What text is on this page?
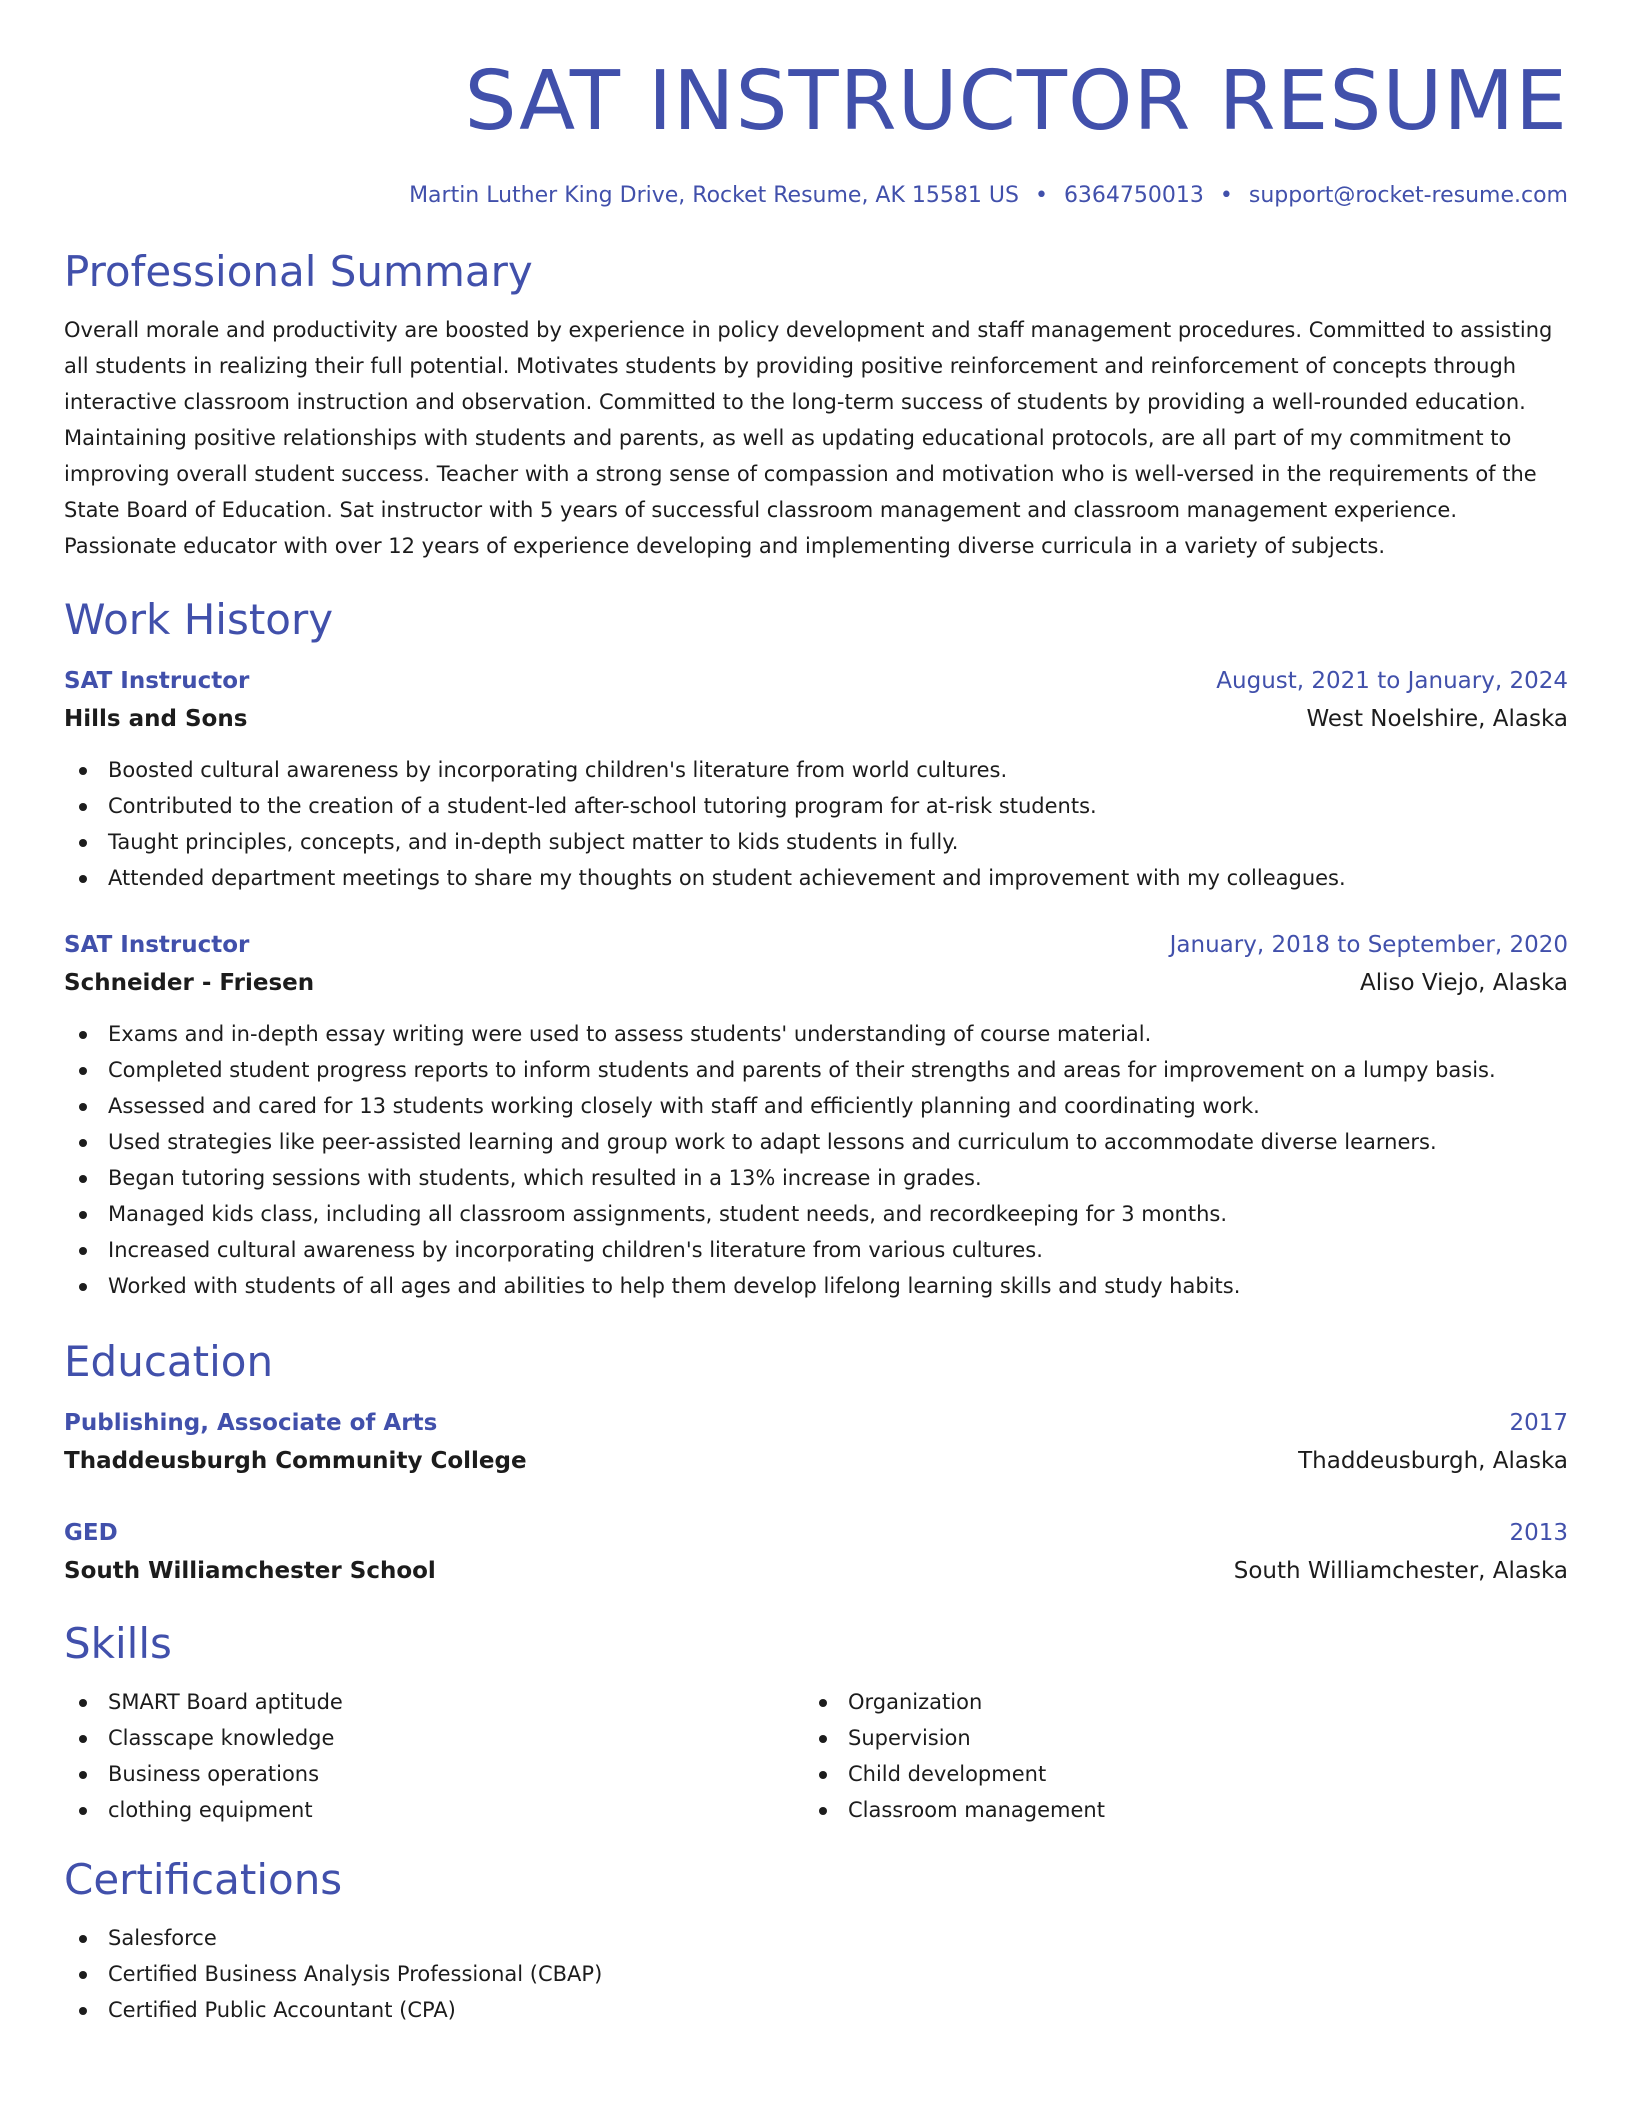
SAT INSTRUCTOR RESUME
Martin Luther King Drive, Rocket Resume, AK 15581 US • 6364750013 • support@rocket-resume.com
Professional Summary

Overall morale and productivity are boosted by experience in policy development and staff management procedures. Committed to assisting all students in realizing their full potential. Motivates students by providing positive reinforcement and reinforcement of concepts through interactive classroom instruction and observation. Committed to the long-term success of students by providing a well-rounded education. Maintaining positive relationships with students and parents, as well as updating educational protocols, are all part of my commitment to improving overall student success. Teacher with a strong sense of compassion and motivation who is well-versed in the requirements of the State Board of Education. Sat instructor with 5 years of successful classroom management and classroom management experience. Passionate educator with over 12 years of experience developing and implementing diverse curricula in a variety of subjects.

Work History
SAT Instructor	August, 2021 to January, 2024
Hills and Sons	West Noelshire, Alaska
Boosted cultural awareness by incorporating children's literature from world cultures.
Contributed to the creation of a student-led after-school tutoring program for at-risk students.
Taught principles, concepts, and in-depth subject matter to kids students in fully.
Attended department meetings to share my thoughts on student achievement and improvement with my colleagues.
SAT Instructor	January, 2018 to September, 2020
Schneider - Friesen	Aliso Viejo, Alaska
Exams and in-depth essay writing were used to assess students' understanding of course material.
Completed student progress reports to inform students and parents of their strengths and areas for improvement on a lumpy basis.
Assessed and cared for 13 students working closely with staff and efficiently planning and coordinating work.
Used strategies like peer-assisted learning and group work to adapt lessons and curriculum to accommodate diverse learners.
Began tutoring sessions with students, which resulted in a 13% increase in grades.
Managed kids class, including all classroom assignments, student needs, and recordkeeping for 3 months.
Increased cultural awareness by incorporating children's literature from various cultures.
Worked with students of all ages and abilities to help them develop lifelong learning skills and study habits.
Education
Publishing, Associate of Arts	2017
Thaddeusburgh Community College	Thaddeusburgh, Alaska
GED	2013
South Williamchester School	South Williamchester, Alaska
Skills
SMART Board aptitude
Classcape knowledge
Business operations
clothing equipment
Organization
Supervision
Child development
Classroom management
Certifications
Salesforce
Certified Business Analysis Professional (CBAP)
Certified Public Accountant (CPA)
